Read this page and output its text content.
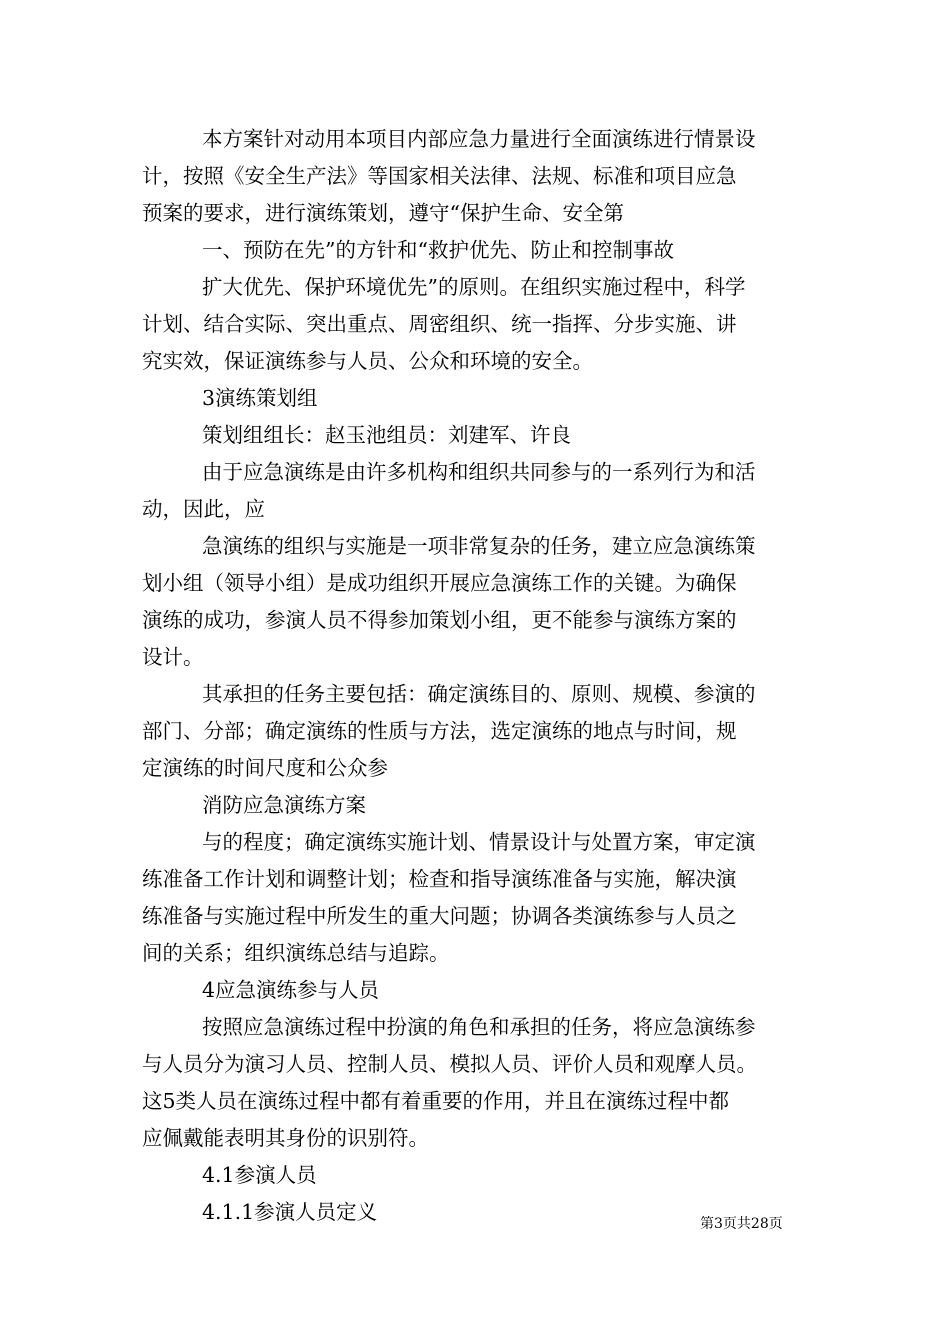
本方案针对动用本项目内部应急力量进行全面演练进行情景设
计，按照《安全生产法》等国家相关法律、法规、标准和项目应急
预案的要求，进行演练策划，遵守“保护生命、安全第
一、预防在先”的方针和“救护优先、防止和控制事故
扩大优先、保护环境优先”的原则。在组织实施过程中，科学
计划、结合实际、突出重点、周密组织、统一指挥、分步实施、讲
究实效，保证演练参与人员、公众和环境的安全。
3演练策划组
策划组组长：赵玉池组员：刘建军、许良
由于应急演练是由许多机构和组织共同参与的一系列行为和活
动，因此，应
急演练的组织与实施是一项非常复杂的任务，建立应急演练策
划小组（领导小组）是成功组织开展应急演练工作的关键。为确保
演练的成功，参演人员不得参加策划小组，更不能参与演练方案的
设计。
其承担的任务主要包括：确定演练目的、原则、规模、参演的
部门、分部；确定演练的性质与方法，选定演练的地点与时间，规
定演练的时间尺度和公众参
消防应急演练方案
与的程度；确定演练实施计划、情景设计与处置方案，审定演
练准备工作计划和调整计划；检查和指导演练准备与实施，解决演
练准备与实施过程中所发生的重大问题；协调各类演练参与人员之
间的关系；组织演练总结与追踪。
4应急演练参与人员
按照应急演练过程中扮演的角色和承担的任务，将应急演练参
与人员分为演习人员、控制人员、模拟人员、评价人员和观摩人员。
这5类人员在演练过程中都有着重要的作用，并且在演练过程中都
应佩戴能表明其身份的识别符。
4.1参演人员
4.1.1参演人员定义	第3页共28页
